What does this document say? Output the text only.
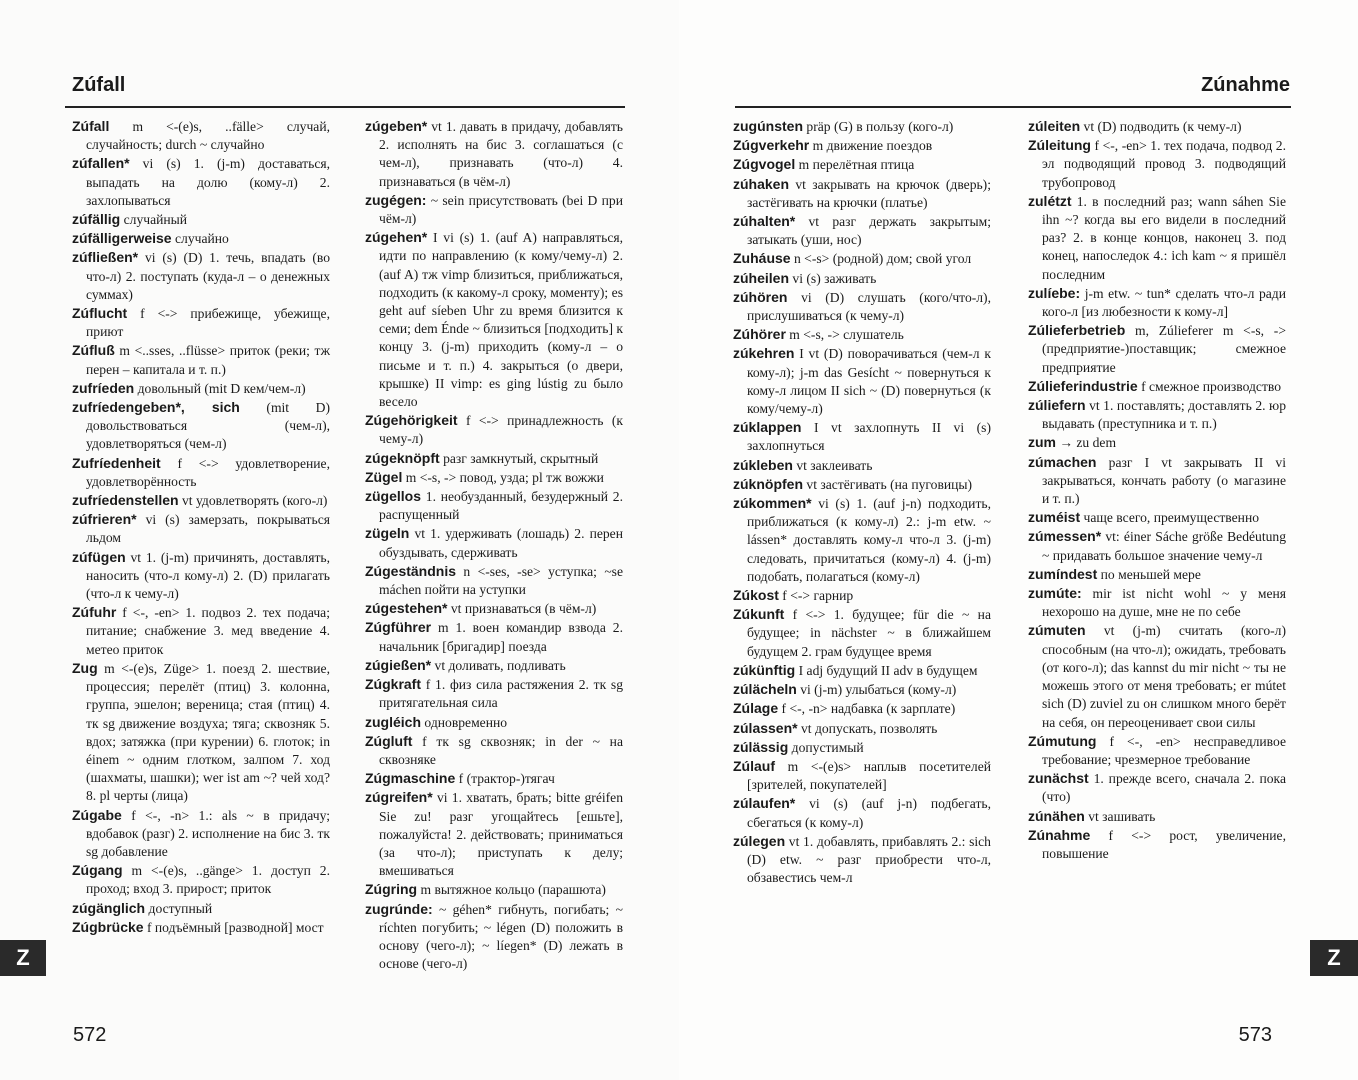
Zúfall
Zúfall m <-(e)s, ..fälle> случай, случайность; durch ~ случайно
zúfallen* vi (s) 1. (j-m) доставаться, выпадать на долю (кому-л) 2. захлопываться
zúfällig случайный
zúfälligerweise случайно
zúfließen* vi (s) (D) 1. течь, впадать (во что-л) 2. поступать (куда-л – о денежных суммах)
Zúflucht f <-> прибежище, убежище, приют
Zúfluß m <..sses, ..flüsse> приток (реки; тж перен – капитала и т. п.)
zufríeden довольный (mit D кем/чем-л)
zufríedengeben*, sich (mit D) довольствоваться (чем-л), удовлетворяться (чем-л)
Zufríedenheit f <-> удовлетворение, удовлетворённость
zufríedenstellen vt удовлетворять (кого-л)
zúfrieren* vi (s) замерзать, покрываться льдом
zúfügen vt 1. (j-m) причинять, доставлять, наносить (что-л кому-л) 2. (D) прилагать (что-л к чему-л)
Zúfuhr f <-, -en> 1. подвоз 2. тех подача; питание; снабжение 3. мед введение 4. метео приток
Zug m <-(e)s, Züge> 1. поезд 2. шествие, процессия; перелёт (птиц) 3. колонна, группа, эшелон; вереница; стая (птиц) 4. тк sg движение воздуха; тяга; сквозняк 5. вдох; затяжка (при курении) 6. глоток; in éinem ~ одним глотком, залпом 7. ход (шахматы, шашки); wer ist am ~? чей ход? 8. pl черты (лица)
Zúgabe f <-, -n> 1.: als ~ в придачу; вдобавок (разг) 2. исполнение на бис 3. тк sg добавление
Zúgang m <-(e)s, ..gänge> 1. доступ 2. проход; вход 3. прирост; приток
zúgänglich доступный
Zúgbrücke f подъёмный [разводной] мост
zúgeben* vt 1. давать в придачу, добавлять 2. исполнять на бис 3. соглашаться (с чем-л), признавать (что-л) 4. признаваться (в чём-л)
zugégen: ~ sein присутствовать (bei D при чём-л)
zúgehen* I vi (s) 1. (auf A) направляться, идти по направлению (к кому/чему-л) 2. (auf A) тж vimp близиться, приближаться, подходить (к какому-л сроку, моменту); es geht auf síeben Uhr zu время близится к семи; dem Énde ~ близиться [подходить] к концу 3. (j-m) приходить (кому-л – о письме и т. п.) 4. закрыться (о двери, крышке) II vimp: es ging lústig zu было весело
Zúgehörigkeit f <-> принадлежность (к чему-л)
zúgeknöpft разг замкнутый, скрытный
Zügel m <-s, -> повод, узда; pl тж вожжи
zügellos 1. необузданный, безудержный 2. распущенный
zügeln vt 1. удерживать (лошадь) 2. перен обуздывать, сдерживать
Zúgeständnis n <-ses, -se> уступка; ~se máchen пойти на уступки
zúgestehen* vt признаваться (в чём-л)
Zúgführer m 1. воен командир взвода 2. начальник [бригадир] поезда
zúgießen* vt доливать, подливать
Zúgkraft f 1. физ сила растяжения 2. тк sg притягательная сила
zugléich одновременно
Zúgluft f тк sg сквозняк; in der ~ на сквозняке
Zúgmaschine f (трактор-)тягач
zúgreifen* vi 1. хватать, брать; bitte gréifen Sie zu! разг угощайтесь [ешьте], пожалуйста! 2. действовать; приниматься (за что-л); приступать к делу; вмешиваться
Zúgring m вытяжное кольцо (парашюта)
zugrúnde: ~ géhen* гибнуть, погибать; ~ ríchten погубить; ~ légen (D) положить в основу (чего-л); ~ líegen* (D) лежать в основе (чего-л)
Z
572
Zúnahme
zugúnsten präp (G) в пользу (кого-л)
Zúgverkehr m движение поездов
Zúgvogel m перелётная птица
zúhaken vt закрывать на крючок (дверь); застёгивать на крючки (платье)
zúhalten* vt разг держать закрытым; затыкать (уши, нос)
Zuháuse n <-s> (родной) дом; свой угол
zúheilen vi (s) заживать
zúhören vi (D) слушать (кого/что-л), прислушиваться (к чему-л)
Zúhörer m <-s, -> слушатель
zúkehren I vt (D) поворачиваться (чем-л к кому-л); j-m das Gesícht ~ повернуться к кому-л лицом II sich ~ (D) повернуться (к кому/чему-л)
zúklappen I vt захлопнуть II vi (s) захлопнуться
zúkleben vt заклеивать
zúknöpfen vt застёгивать (на пуговицы)
zúkommen* vi (s) 1. (auf j-n) подходить, приближаться (к кому-л) 2.: j-m etw. ~ lássen* доставлять кому-л что-л 3. (j-m) следовать, причитаться (кому-л) 4. (j-m) подобать, полагаться (кому-л)
Zúkost f <-> гарнир
Zúkunft f <-> 1. будущее; für die ~ на будущее; in nächster ~ в ближайшем будущем 2. грам будущее время
zúkünftig I adj будущий II adv в будущем
zúlächeln vi (j-m) улыбаться (кому-л)
Zúlage f <-, -n> надбавка (к зарплате)
zúlassen* vt допускать, позволять
zúlässig допустимый
Zúlauf m <-(e)s> наплыв посетителей [зрителей, покупателей]
zúlaufen* vi (s) (auf j-n) подбегать, сбегаться (к кому-л)
zúlegen vt 1. добавлять, прибавлять 2.: sich (D) etw. ~ разг приобрести что-л, обзавестись чем-л
zúleiten vt (D) подводить (к чему-л)
Zúleitung f <-, -en> 1. тех подача, подвод 2. эл подводящий провод 3. подводящий трубопровод
zulétzt 1. в последний раз; wann sáhen Sie ihn ~? когда вы его видели в последний раз? 2. в конце концов, наконец 3. под конец, напоследок 4.: ich kam ~ я пришёл последним
zulíebe: j-m etw. ~ tun* сделать что-л ради кого-л [из любезности к кому-л]
Zúlieferbetrieb m, Zúlieferer m <-s, -> (предприятие-)поставщик; смежное предприятие
Zúlieferindustrie f смежное производство
zúliefern vt 1. поставлять; доставлять 2. юр выдавать (преступника и т. п.)
zum → zu dem
zúmachen разг I vt закрывать II vi закрываться, кончать работу (о магазине и т. п.)
zuméist чаще всего, преимущественно
zúmessen* vt: éiner Sáche größe Bedéutung ~ придавать большое значение чему-л
zumíndest по меньшей мере
zumúte: mir ist nicht wohl ~ у меня нехорошо на душе, мне не по себе
zúmuten vt (j-m) считать (кого-л) способным (на что-л); ожидать, требовать (от кого-л); das kannst du mir nicht ~ ты не можешь этого от меня требовать; er mútet sich (D) zuviel zu он слишком много берёт на себя, он переоценивает свои силы
Zúmutung f <-, -en> несправедливое требование; чрезмерное требование
zunächst 1. прежде всего, сначала 2. пока (что)
zúnähen vt зашивать
Zúnahme f <-> рост, увеличение, повышение
Z
573
